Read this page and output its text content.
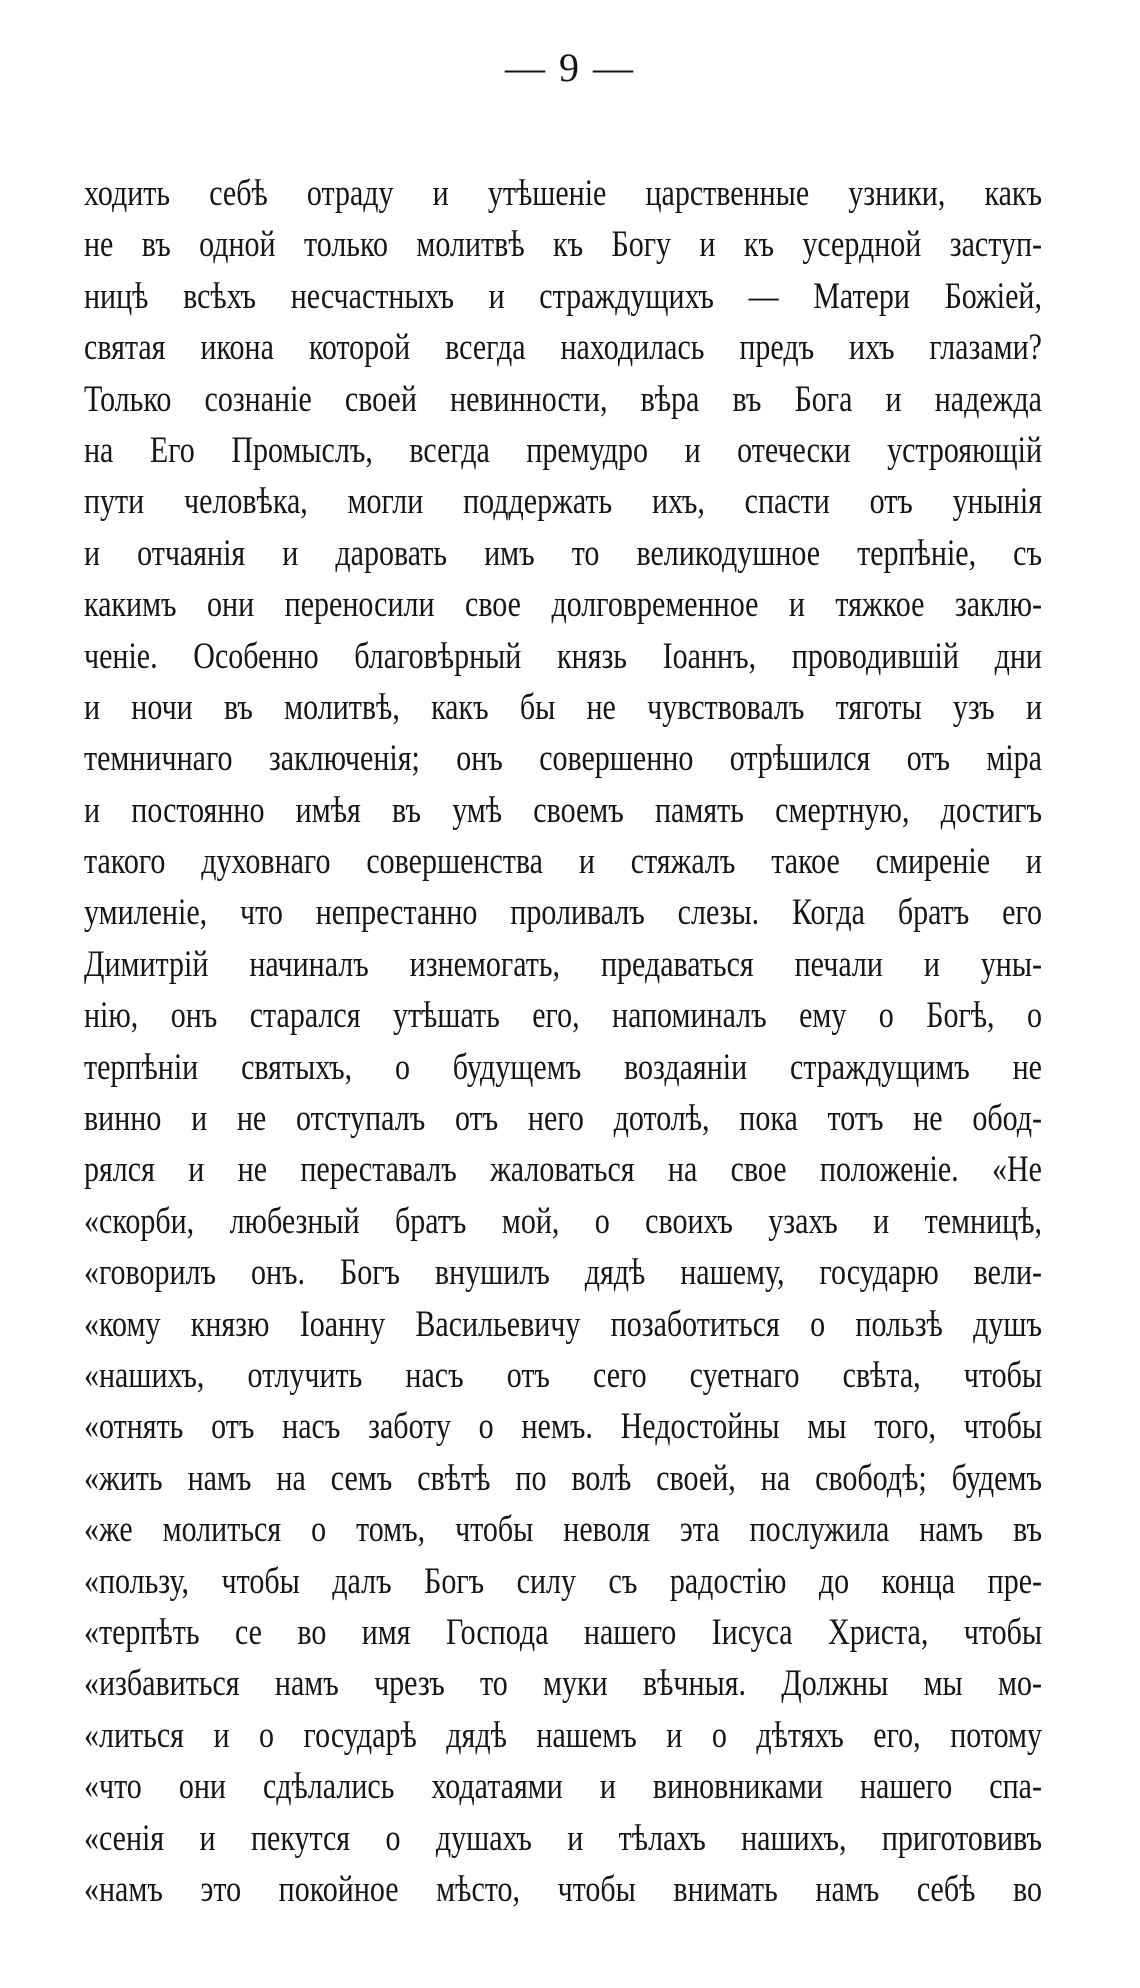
— 9 —
ходить себѣ отраду и утѣшеніе царственные узники, какъ
не въ одной только молитвѣ къ Богу и къ усердной заступ-
ницѣ всѣхъ несчастныхъ и страждущихъ — Матери Божіей,
святая икона которой всегда находилась предъ ихъ глазами?
Только сознаніе своей невинности, вѣра въ Бога и надежда
на Его Промыслъ, всегда премудро и отечески устрояющій
пути человѣка, могли поддержать ихъ, спасти отъ унынія
и отчаянія и даровать имъ то великодушное терпѣніе, съ
какимъ они переносили свое долговременное и тяжкое заклю-
ченіе. Особенно благовѣрный князь Іоаннъ, проводившій дни
и ночи въ молитвѣ, какъ бы не чувствовалъ тяготы узъ и
темничнаго заключенія; онъ совершенно отрѣшился отъ міра
и постоянно имѣя въ умѣ своемъ память смертную, достигъ
такого духовнаго совершенства и стяжалъ такое смиреніе и
умиленіе, что непрестанно проливалъ слезы. Когда братъ его
Димитрій начиналъ изнемогать, предаваться печали и уны-
нію, онъ старался утѣшать его, напоминалъ ему о Богѣ, о
терпѣніи святыхъ, о будущемъ воздаяніи страждущимъ не
винно и не отступалъ отъ него дотолѣ, пока тотъ не обод-
рялся и не переставалъ жаловаться на свое положеніе. «Не
«скорби, любезный братъ мой, о своихъ узахъ и темницѣ,
«говорилъ онъ. Богъ внушилъ дядѣ нашему, государю вели-
«кому князю Іоанну Васильевичу позаботиться о пользѣ душъ
«нашихъ, отлучить насъ отъ сего суетнаго свѣта, чтобы
«отнять отъ насъ заботу о немъ. Недостойны мы того, чтобы
«жить намъ на семъ свѣтѣ по волѣ своей, на свободѣ; будемъ
«же молиться о томъ, чтобы неволя эта послужила намъ въ
«пользу, чтобы далъ Богъ силу съ радостію до конца пре-
«терпѣть се во имя Господа нашего Іисуса Христа, чтобы
«избавиться намъ чрезъ то муки вѣчныя. Должны мы мо-
«литься и о государѣ дядѣ нашемъ и о дѣтяхъ его, потому
«что они сдѣлались ходатаями и виновниками нашего спа-
«сенія и пекутся о душахъ и тѣлахъ нашихъ, приготовивъ
«намъ это покойное мѣсто, чтобы внимать намъ себѣ во
